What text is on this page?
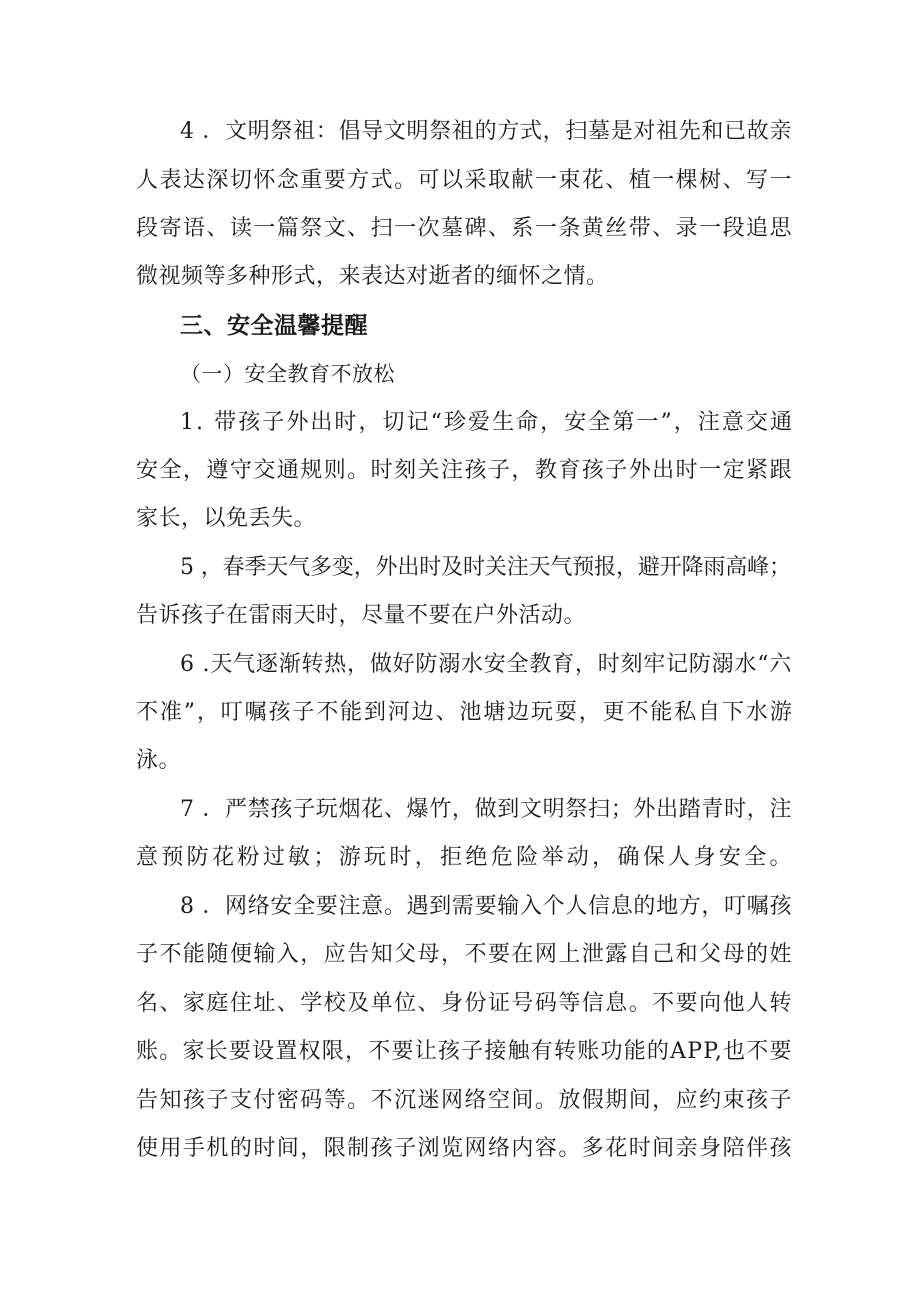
4 ．文明祭祖：倡导文明祭祖的方式，扫墓是对祖先和已故亲
人表达深切怀念重要方式。可以采取献一束花、植一棵树、写一
段寄语、读一篇祭文、扫一次墓碑、系一条黄丝带、录一段追思
微视频等多种形式，来表达对逝者的缅怀之情。
三、安全温馨提醒
（一）安全教育不放松
1. 带孩子外出时，切记“珍爱生命，安全第一”，注意交通
安全，遵守交通规则。时刻关注孩子，教育孩子外出时一定紧跟
家长，以免丢失。
5 ，春季天气多变，外出时及时关注天气预报，避开降雨高峰；
告诉孩子在雷雨天时，尽量不要在户外活动。
6 .天气逐渐转热，做好防溺水安全教育，时刻牢记防溺水“六
不准”，叮嘱孩子不能到河边、池塘边玩耍，更不能私自下水游
泳。
7 ．严禁孩子玩烟花、爆竹，做到文明祭扫；外出踏青时，注
意预防花粉过敏；游玩时，拒绝危险举动，确保人身安全。
8 ．网络安全要注意。遇到需要输入个人信息的地方，叮嘱孩
子不能随便输入，应告知父母，不要在网上泄露自己和父母的姓
名、家庭住址、学校及单位、身份证号码等信息。不要向他人转
账。家长要设置权限，不要让孩子接触有转账功能的APP,也不要
告知孩子支付密码等。不沉迷网络空间。放假期间，应约束孩子
使用手机的时间，限制孩子浏览网络内容。多花时间亲身陪伴孩
